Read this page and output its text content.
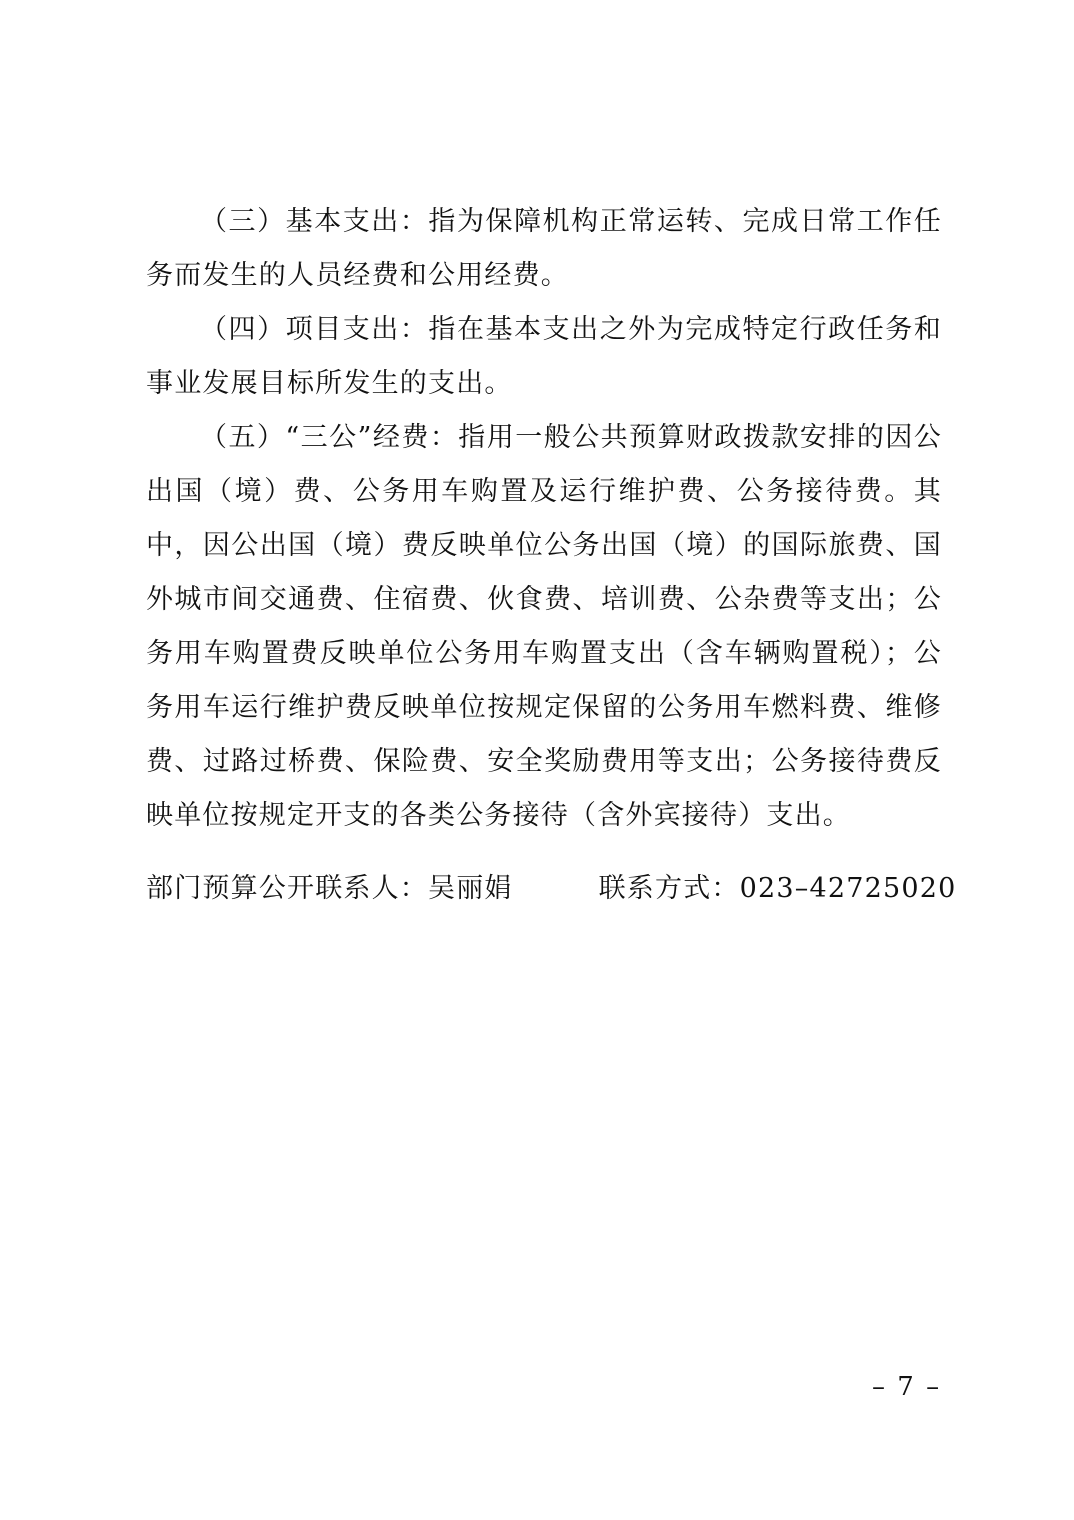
（三）基本支出：指为保障机构正常运转、完成日常工作任务而发生的人员经费和公用经费。

（四）项目支出：指在基本支出之外为完成特定行政任务和事业发展目标所发生的支出。

（五）“三公”经费：指用一般公共预算财政拨款安排的因公出国（境）费、公务用车购置及运行维护费、公务接待费。其中，因公出国（境）费反映单位公务出国（境）的国际旅费、国外城市间交通费、住宿费、伙食费、培训费、公杂费等支出；公务用车购置费反映单位公务用车购置支出（含车辆购置税）；公务用车运行维护费反映单位按规定保留的公务用车燃料费、维修费、过路过桥费、保险费、安全奖励费用等支出；公务接待费反映单位按规定开支的各类公务接待（含外宾接待）支出。

部门预算公开联系人：吴丽娟	联系方式：023–42725020
– 7 –
